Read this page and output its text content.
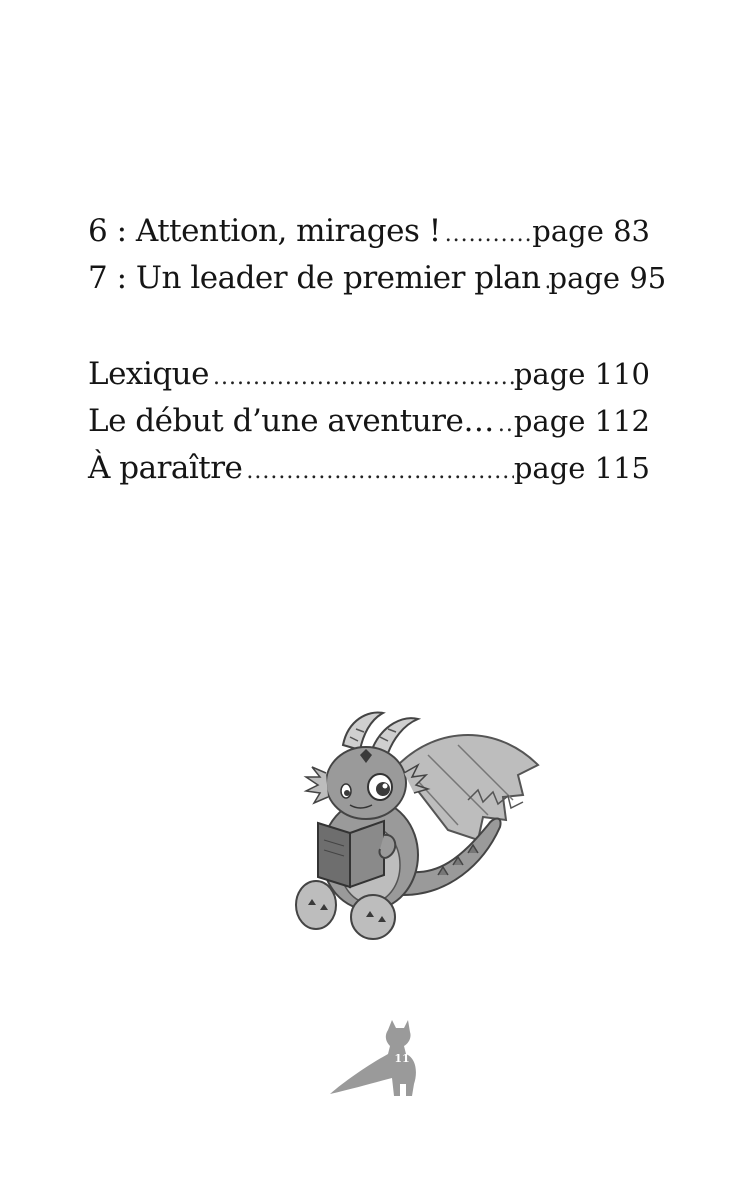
6 : Attention, mirages ! .....	page 83
7 : Un leader de premier plan ..... page 95
Lexique .....	page 110
Le début d’une aventure… ..... page 112
À paraître .....	page 115
11
